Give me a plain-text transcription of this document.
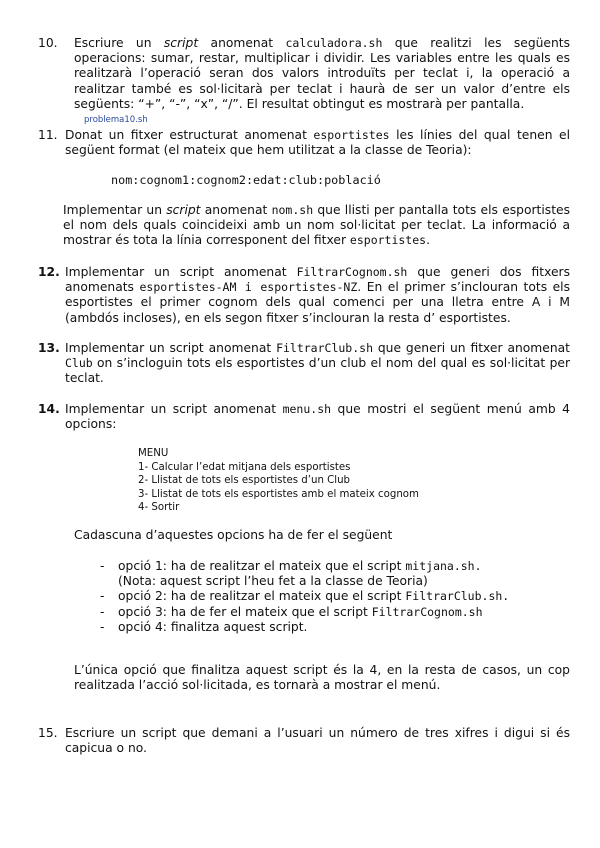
10. Escriure un script anomenat calculadora.sh que realitzi les següents operacions: sumar, restar, multiplicar i dividir. Les variables entre les quals es realitzarà l’operació seran dos valors introduïts per teclat i, la operació a realitzar també es sol·licitarà per teclat i haurà de ser un valor d’entre els següents: “+”, “-”, “x”, “/”. El resultat obtingut es mostrarà per pantalla.
problema10.sh
11. Donat un fitxer estructurat anomenat esportistes les línies del qual tenen el següent format (el mateix que hem utilitzat a la classe de Teoria):
nom:cognom1:cognom2:edat:club:població
Implementar un script anomenat nom.sh que llisti per pantalla tots els esportistes el nom dels quals coincideixi amb un nom sol·licitat per teclat. La informació a mostrar és tota la línia corresponent del fitxer esportistes.
12. Implementar un script anomenat FiltrarCognom.sh que generi dos fitxers anomenats esportistes-AM i esportistes-NZ. En el primer s’inclouran tots els esportistes el primer cognom dels qual comenci per una lletra entre A i M (ambdós incloses), en els segon fitxer s’inclouran la resta d’ esportistes.
13. Implementar un script anomenat FiltrarClub.sh que generi un fitxer anomenat Club on s’incloguin tots els esportistes d’un club el nom del qual es sol·licitat per teclat.
14. Implementar un script anomenat menu.sh que mostri el següent menú amb 4 opcions:
MENU
1- Calcular l’edat mitjana dels esportistes
2- Llistat de tots els esportistes d’un Club
3- Llistat de tots els esportistes amb el mateix cognom
4- Sortir
Cadascuna d’aquestes opcions ha de fer el següent
- opció 1: ha de realitzar el mateix que el script mitjana.sh.
(Nota: aquest script l’heu fet a la classe de Teoria)
- opció 2: ha de realitzar el mateix que el script FiltrarClub.sh.
- opció 3: ha de fer el mateix que el script FiltrarCognom.sh
- opció 4: finalitza aquest script.
L’única opció que finalitza aquest script és la 4, en la resta de casos, un cop realitzada l’acció sol·licitada, es tornarà a mostrar el menú.
15. Escriure un script que demani a l’usuari un número de tres xifres i digui si és capicua o no.
